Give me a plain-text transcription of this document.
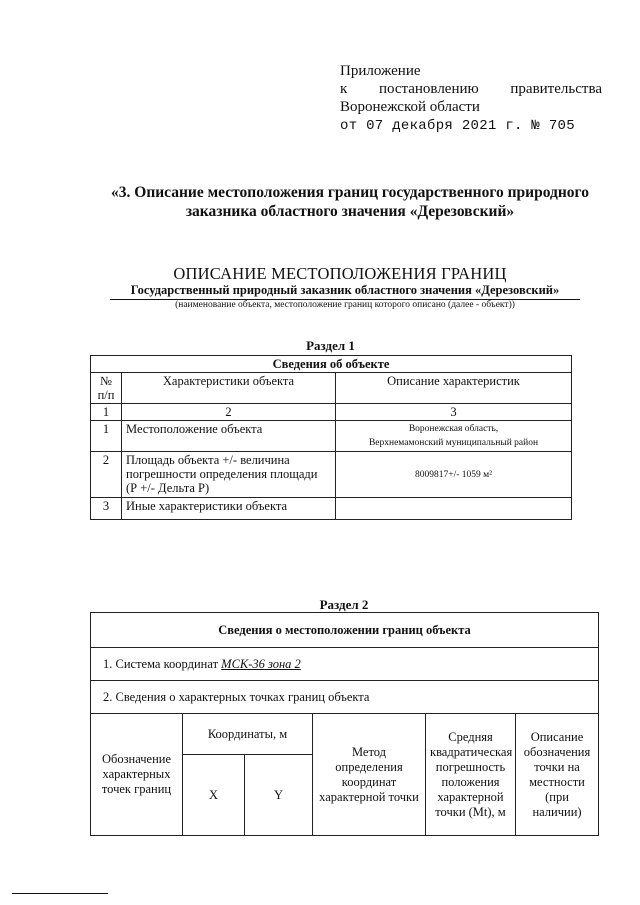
Приложение
к постановлению правительства
Воронежской области
от 07 декабря 2021 г. № 705
«3. Описание местоположения границ государственного природного
заказника областного значения «Дерезовский»
ОПИСАНИЕ МЕСТОПОЛОЖЕНИЯ ГРАНИЦ
Государственный природный заказник областного значения «Дерезовский»
(наименование объекта, местоположение границ которого описано (далее - объект))
Раздел 1
Сведения об объекте		
№ п/п	Характеристики объекта	Описание характеристик
1	2	3
1	Местоположение объекта	Воронежская область,
Верхнемамонский муниципальный район

2	Площадь объекта +/- величина погрешности определения площади (Р +/- Дельта Р)	8009817+/- 1059 м²
3	Иные характеристики объекта	
Раздел 2
Сведения о местоположении границ объекта					
1. Система координат МСК-36 зона 2					
2. Сведения о характерных точках границ объекта					
Обозначение характерных точек границ	Координаты, м		Метод определения координат характерной точки	Средняя квадратическая погрешность положения характерной точки (Mt), м	Описание обозначения точки на местности (при наличии)
	X	Y			
